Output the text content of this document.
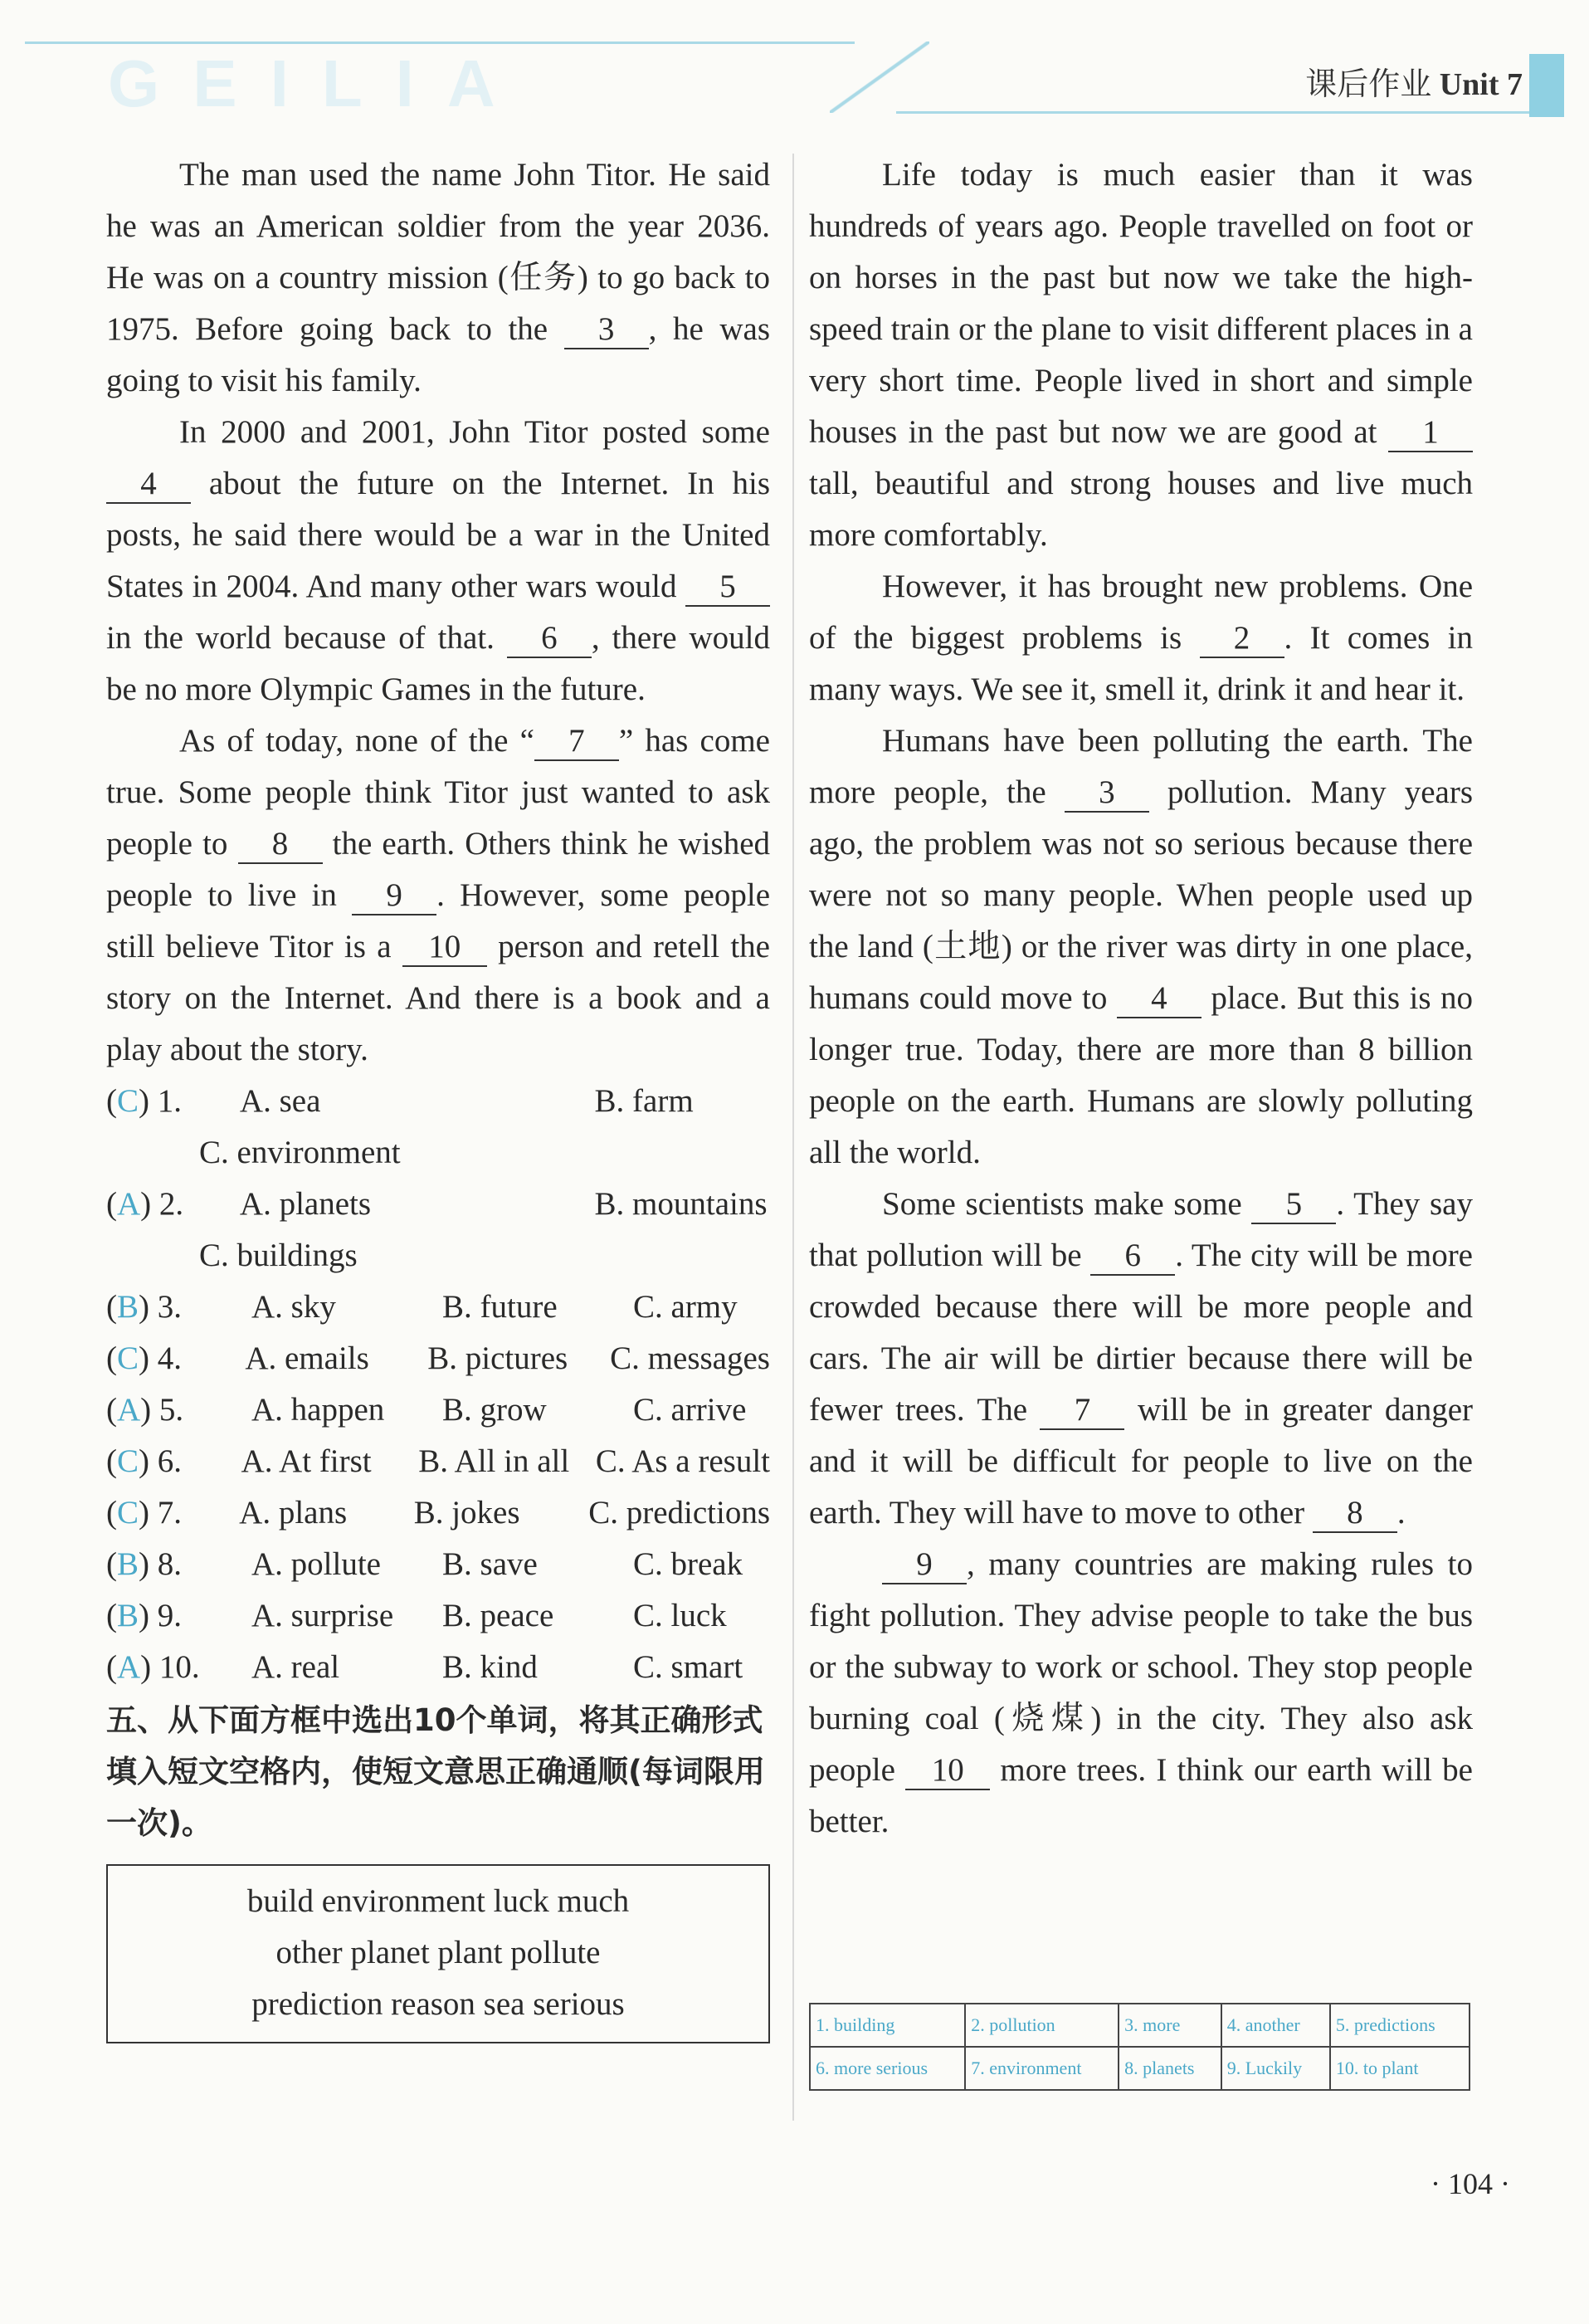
GEILIA	课后作业 Unit 7

The man used the name John Titor. He said he was an American soldier from the year 2036. He was on a country mission (任务) to go back to 1975. Before going back to the 3 , he was going to visit his family.

In 2000 and 2001, John Titor posted some 4 about the future on the Internet. In his posts, he said there would be a war in the United States in 2004. And many other wars would 5 in the world because of that. 6 , there would be no more Olympic Games in the future.

As of today, none of the “ 7 ” has come true. Some people think Titor just wanted to ask people to 8 the earth. Others think he wished people to live in 9 . However, some people still believe Titor is a 10 person and retell the story on the Internet. And there is a book and a play about the story.

(C) 1.	A. sea	B. farm
C. environment
(A) 2.	A. planets	B. mountains
C. buildings
(B) 3.	A. sky	B. future	C. army
(C) 4.	A. emails	B. pictures	C. messages
(A) 5.	A. happen	B. grow	C. arrive
(C) 6.	A. At first	B. All in all C. As a result
(C) 7.	A. plans	B. jokes	C. predictions
(B) 8.	A. pollute	B. save	C. break
(B) 9.	A. surprise	B. peace	C. luck
(A) 10.	A. real	B. kind	C. smart
五、从下面方框中选出10个单词，将其正确形式填入短文空格内，使短文意思正确通顺(每词限用一次)。
build environment luck much
other planet plant pollute
prediction reason sea serious

Life today is much easier than it was hundreds of years ago. People travelled on foot or on horses in the past but now we take the high-speed train or the plane to visit different places in a very short time. People lived in short and simple houses in the past but now we are good at 1 tall, beautiful and strong houses and live much more comfortably.

However, it has brought new problems. One of the biggest problems is 2 . It comes in many ways. We see it, smell it, drink it and hear it.

Humans have been polluting the earth. The more people, the 3 pollution. Many years ago, the problem was not so serious because there were not so many people. When people used up the land (土地) or the river was dirty in one place, humans could move to 4 place. But this is no longer true. Today, there are more than 8 billion people on the earth. Humans are slowly polluting all the world.

Some scientists make some 5 . They say that pollution will be 6 . The city will be more crowded because there will be more people and cars. The air will be dirtier because there will be fewer trees. The 7 will be in greater danger and it will be difficult for people to live on the earth. They will have to move to other 8 .

9 , many countries are making rules to fight pollution. They advise people to take the bus or the subway to work or school. They stop people burning coal (烧煤) in the city. They also ask people 10 more trees. I think our earth will be better.

1. building	2. pollution	3. more	4. another	5. predictions
6. more serious	7. environment	8. planets	9. Luckily	10. to plant
· 104 ·
